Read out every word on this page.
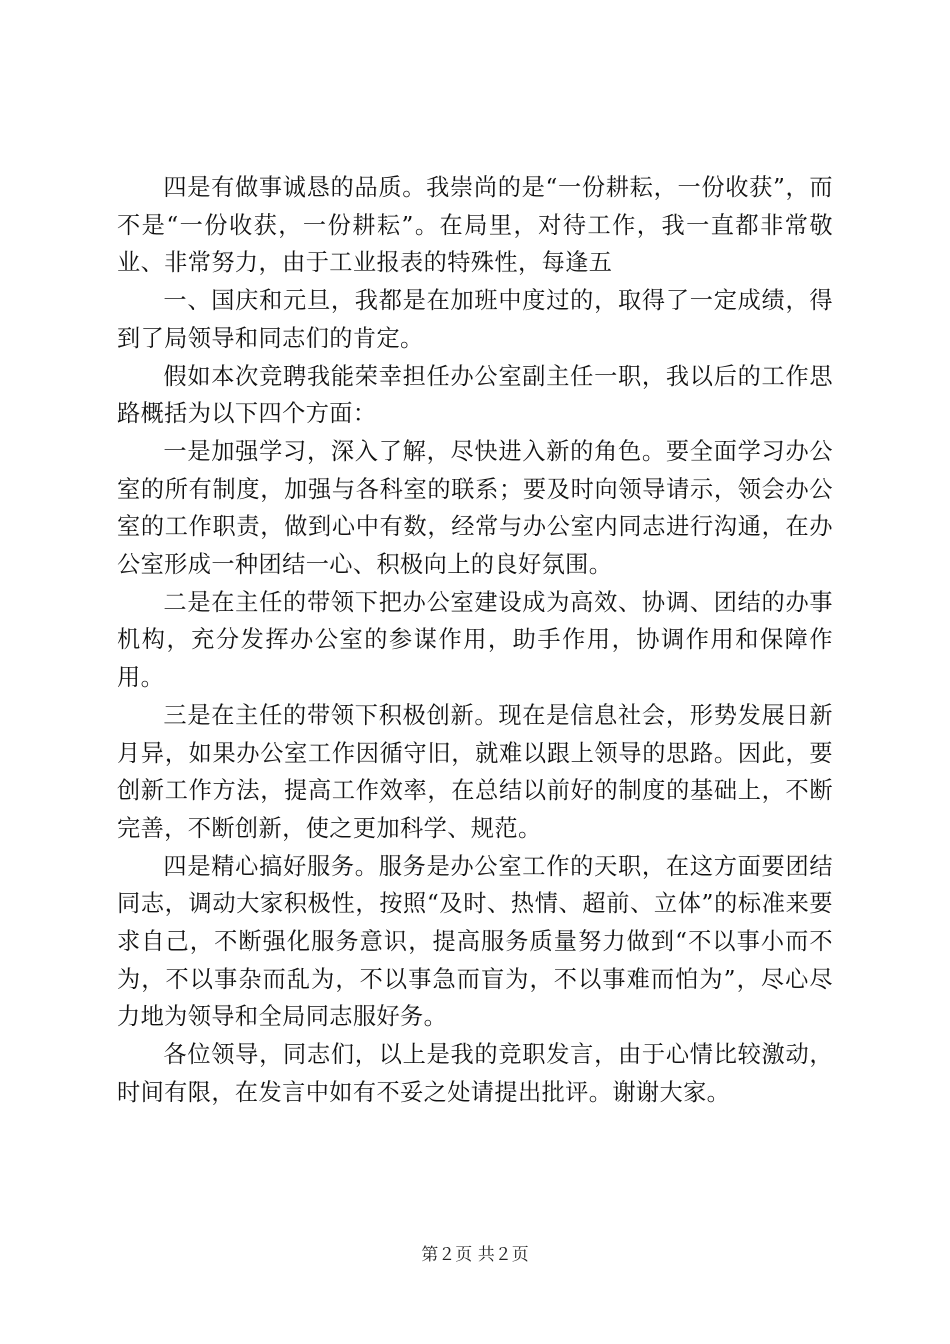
四是有做事诚恳的品质。我崇尚的是“一份耕耘，一份收获”，而不是“一份收获，一份耕耘”。在局里，对待工作，我一直都非常敬业、非常努力，由于工业报表的特殊性，每逢五

一、国庆和元旦，我都是在加班中度过的，取得了一定成绩，得到了局领导和同志们的肯定。

假如本次竞聘我能荣幸担任办公室副主任一职，我以后的工作思路概括为以下四个方面：

一是加强学习，深入了解，尽快进入新的角色。要全面学习办公室的所有制度，加强与各科室的联系；要及时向领导请示，领会办公室的工作职责，做到心中有数，经常与办公室内同志进行沟通，在办公室形成一种团结一心、积极向上的良好氛围。

二是在主任的带领下把办公室建设成为高效、协调、团结的办事机构，充分发挥办公室的参谋作用，助手作用，协调作用和保障作用。

三是在主任的带领下积极创新。现在是信息社会，形势发展日新月异，如果办公室工作因循守旧，就难以跟上领导的思路。因此，要创新工作方法，提高工作效率，在总结以前好的制度的基础上，不断完善，不断创新，使之更加科学、规范。

四是精心搞好服务。服务是办公室工作的天职，在这方面要团结同志，调动大家积极性，按照“及时、热情、超前、立体”的标准来要求自己，不断强化服务意识，提高服务质量努力做到“不以事小而不为，不以事杂而乱为，不以事急而盲为，不以事难而怕为”，尽心尽力地为领导和全局同志服好务。

各位领导，同志们，以上是我的竞职发言，由于心情比较激动，时间有限，在发言中如有不妥之处请提出批评。谢谢大家。

第２页 共２页
